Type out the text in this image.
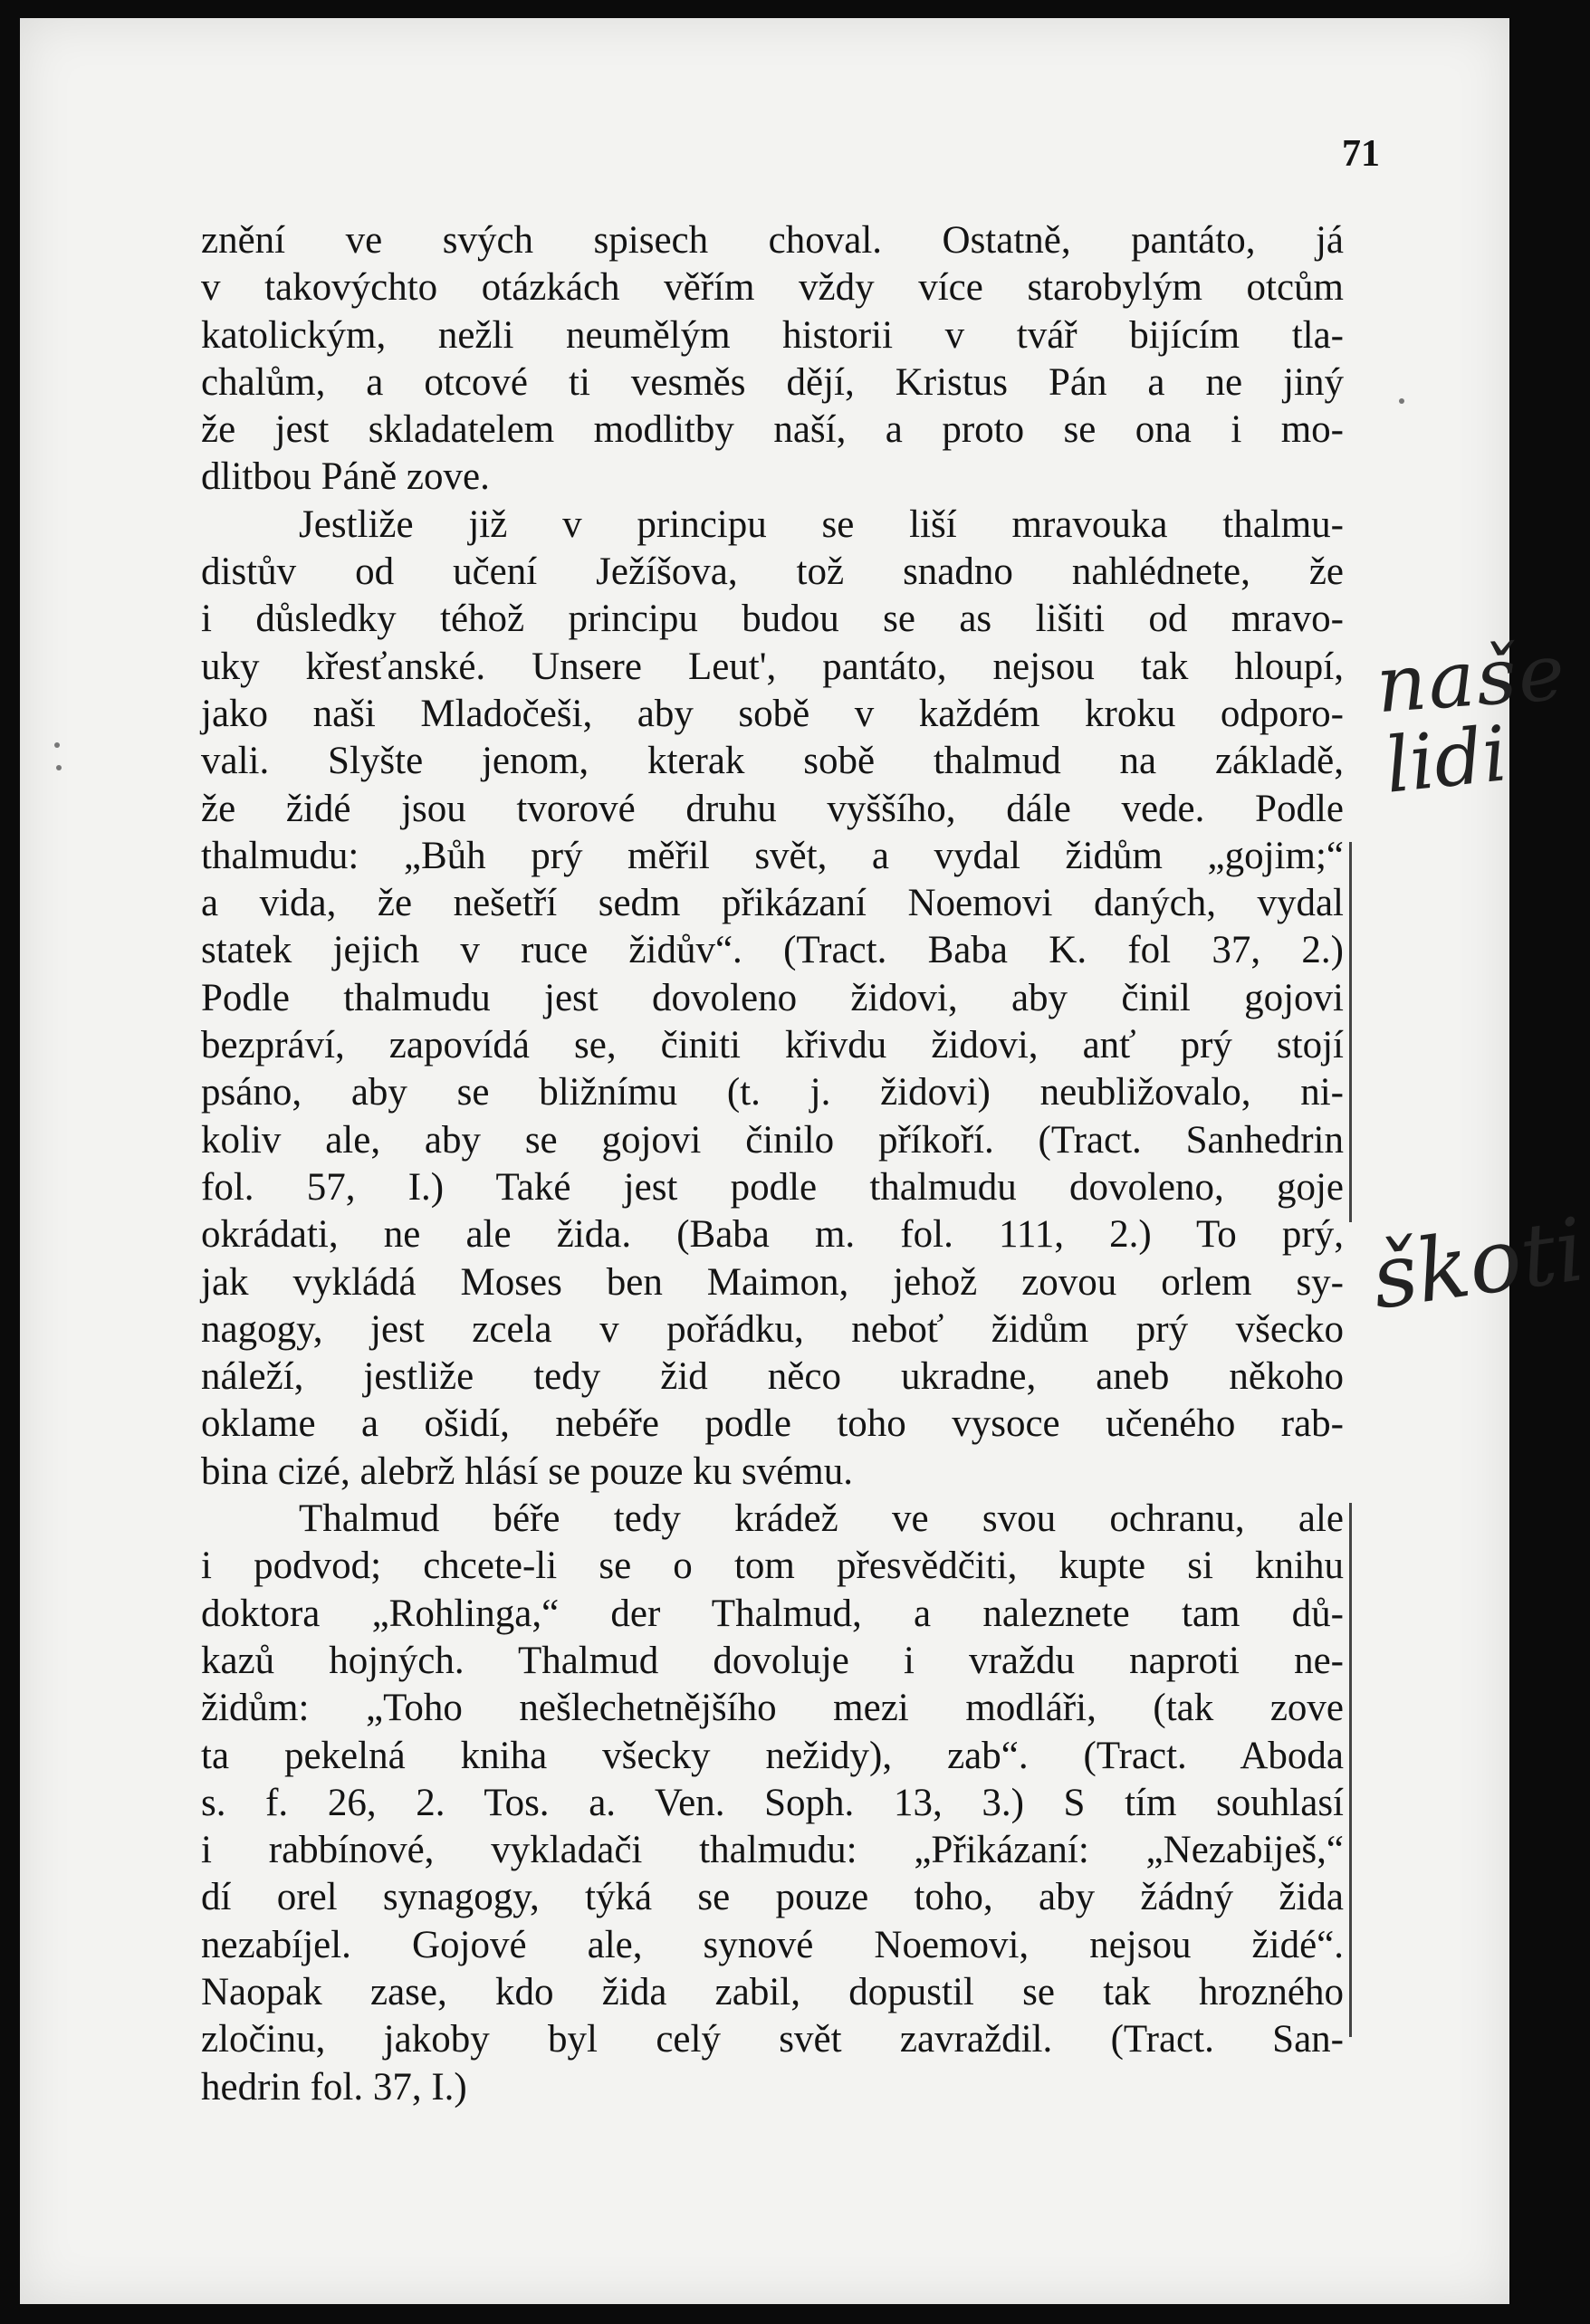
71
znění ve svých spisech choval. Ostatně, pantáto, já
v takovýchto otázkách věřím vždy více starobylým otcům
katolickým, nežli neumělým historii v tvář bijícím tla-
chalům, a otcové ti vesměs dějí, Kristus Pán a ne jiný
že jest skladatelem modlitby naší, a proto se ona i mo-
dlitbou Páně zove.
Jestliže již v principu se liší mravouka thalmu-
distův od učení Ježíšova, tož snadno nahlédnete, že
i důsledky téhož principu budou se as lišiti od mravo-
uky křesťanské. Unsere Leut', pantáto, nejsou tak hloupí,
jako naši Mladočeši, aby sobě v každém kroku odporo-
vali. Slyšte jenom, kterak sobě thalmud na základě,
že židé jsou tvorové druhu vyššího, dále vede. Podle
thalmudu: „Bůh prý měřil svět, a vydal židům „gojim;“
a vida, že nešetří sedm přikázaní Noemovi daných, vydal
statek jejich v ruce židův“. (Tract. Baba K. fol 37, 2.)
Podle thalmudu jest dovoleno židovi, aby činil gojovi
bezpráví, zapovídá se, činiti křivdu židovi, anť prý stojí
psáno, aby se bližnímu (t. j. židovi) neubližovalo, ni-
koliv ale, aby se gojovi činilo příkoří. (Tract. Sanhedrin
fol. 57, I.) Také jest podle thalmudu dovoleno, goje
okrádati, ne ale žida. (Baba m. fol. 111, 2.) To prý,
jak vykládá Moses ben Maimon, jehož zovou orlem sy-
nagogy, jest zcela v pořádku, neboť židům prý všecko
náleží, jestliže tedy žid něco ukradne, aneb někoho
oklame a ošidí, nebéře podle toho vysoce učeného rab-
bina cizé, alebrž hlásí se pouze ku svému.
Thalmud béře tedy krádež ve svou ochranu, ale
i podvod; chcete-li se o tom přesvědčiti, kupte si knihu
doktora „Rohlinga,“ der Thalmud, a naleznete tam dů-
kazů hojných. Thalmud dovoluje i vraždu naproti ne-
židům: „Toho nešlechetnějšího mezi modláři, (tak zove
ta pekelná kniha všecky nežidy), zab“. (Tract. Aboda
s. f. 26, 2. Tos. a. Ven. Soph. 13, 3.) S tím souhlasí
i rabbínové, vykladači thalmudu: „Přikázaní: „Nezabiješ,“
dí orel synagogy, týká se pouze toho, aby žádný žida
nezabíjel. Gojové ale, synové Noemovi, nejsou židé“.
Naopak zase, kdo žida zabil, dopustil se tak hrozného
zločinu, jakoby byl celý svět zavraždil. (Tract. San-
hedrin fol. 37, I.)
naše
lidi
škoti
